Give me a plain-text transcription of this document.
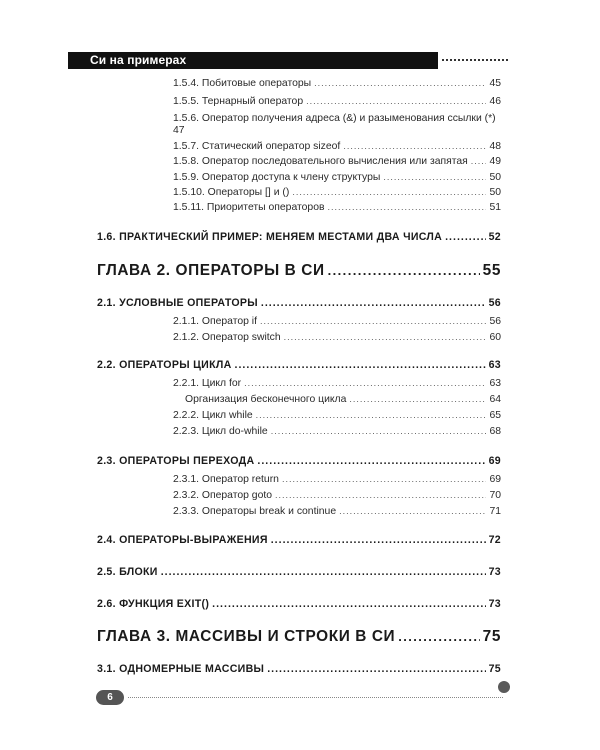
Си на примерах
1.5.4. Побитовые операторы .....	45
1.5.5. Тернарный оператор .....	46
1.5.6. Оператор получения адреса (&) и разыменования ссылки (*) 47
1.5.7. Статический оператор sizeof .....	48
1.5.8. Оператор последовательного вычисления или запятая ..... 49
1.5.9. Оператор доступа к члену структуры .....	50
1.5.10. Операторы [] и () .....	50
1.5.11. Приоритеты операторов .....	51
1.6. ПРАКТИЧЕСКИЙ ПРИМЕР: МЕНЯЕМ МЕСТАМИ ДВА ЧИСЛА .....	52
ГЛАВА 2. ОПЕРАТОРЫ В СИ .....	55
2.1. УСЛОВНЫЕ ОПЕРАТОРЫ .....	56
2.1.1. Оператор if .....	56
2.1.2. Оператор switch .....	60
2.2. ОПЕРАТОРЫ ЦИКЛА .....	63
2.2.1. Цикл for .....	63
Организация бесконечного цикла .....	64
2.2.2. Цикл while .....	65
2.2.3. Цикл do-while .....	68
2.3. ОПЕРАТОРЫ ПЕРЕХОДА .....	69
2.3.1. Оператор return .....	69
2.3.2. Оператор goto .....	70
2.3.3. Операторы break и continue .....	71
2.4. ОПЕРАТОРЫ-ВЫРАЖЕНИЯ .....	72
2.5. БЛОКИ .....	73
2.6. ФУНКЦИЯ EXIT() .....	73
ГЛАВА 3. МАССИВЫ И СТРОКИ В СИ .....	75
3.1. ОДНОМЕРНЫЕ МАССИВЫ .....	75
6
